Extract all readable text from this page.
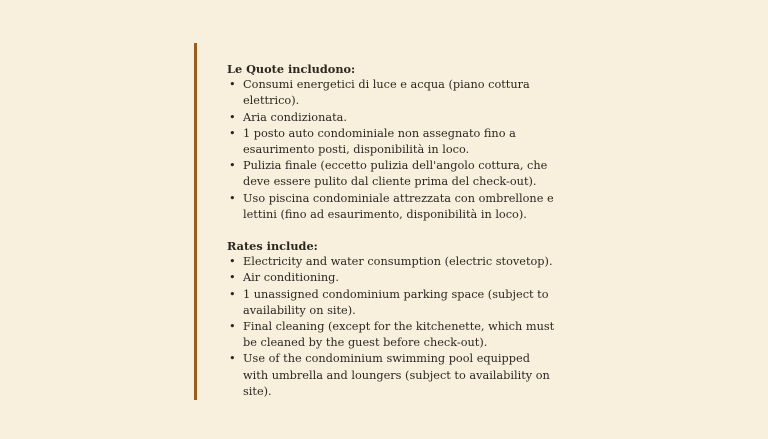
Le Quote includono:

• Consumi energetici di luce e acqua (piano cottura elettrico).
• Aria condizionata.
• 1 posto auto condominiale non assegnato fino a esaurimento posti, disponibilità in loco.
• Pulizia finale (eccetto pulizia dell'angolo cottura, che deve essere pulito dal cliente prima del check-out).
• Uso piscina condominiale attrezzata con ombrellone e lettini (fino ad esaurimento, disponibilità in loco).

Rates include:

• Electricity and water consumption (electric stovetop).
• Air conditioning.
• 1 unassigned condominium parking space (subject to availability on site).
• Final cleaning (except for the kitchenette, which must be cleaned by the guest before check-out).
• Use of the condominium swimming pool equipped with umbrella and loungers (subject to availability on site).
